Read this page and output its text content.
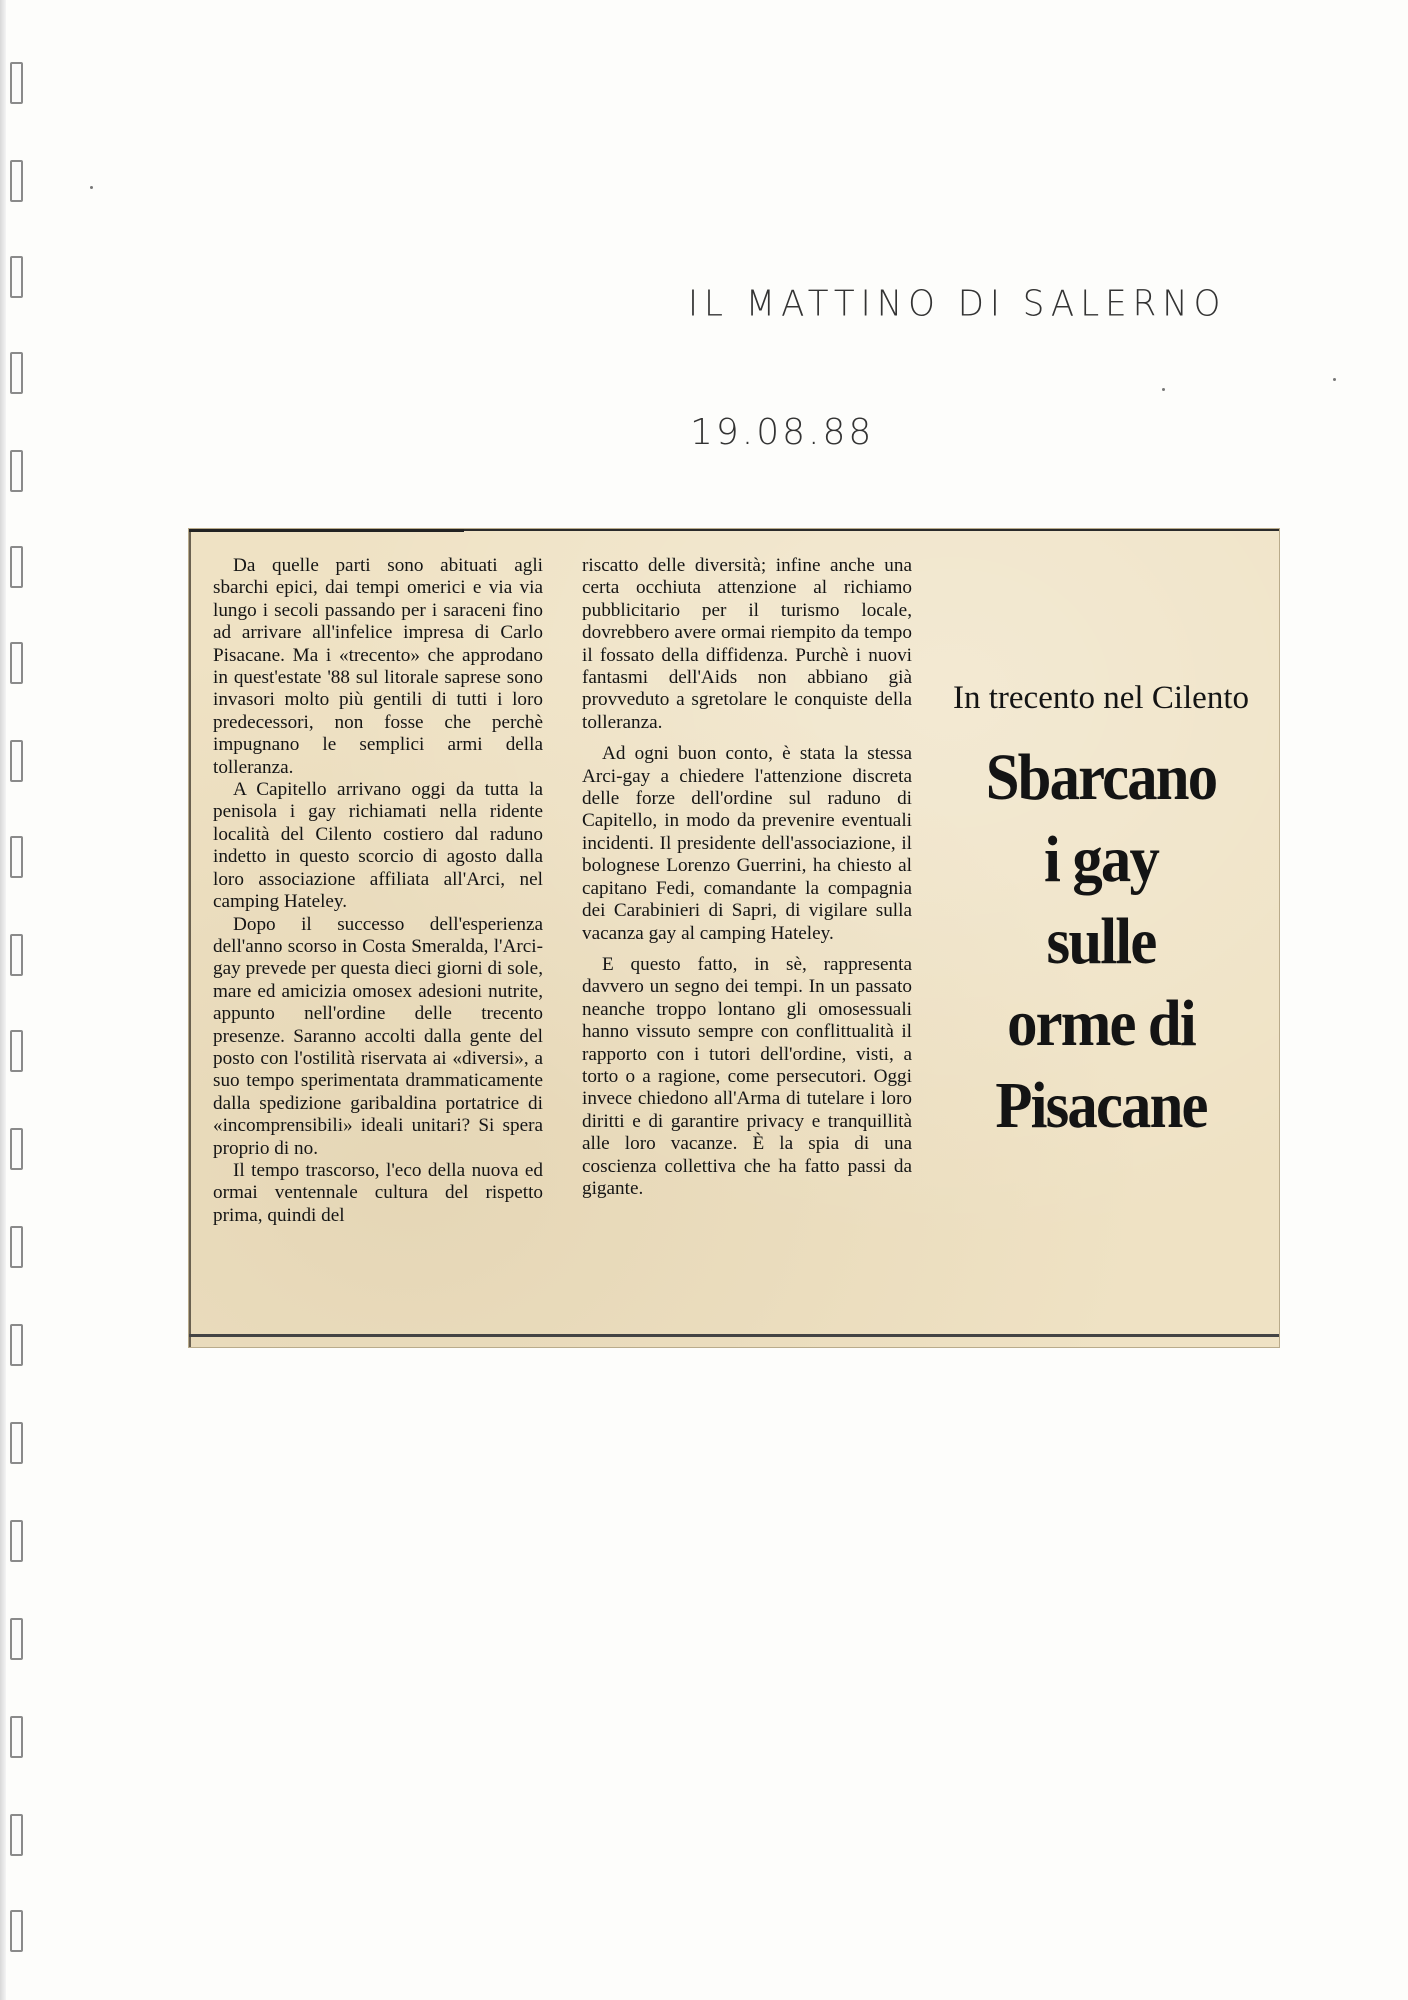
IL MATTINO DI SALERNO
19.08.88

Da quelle parti sono abituati agli sbarchi epici, dai tempi omerici e via via lungo i secoli passando per i saraceni fino ad arrivare all'infelice impresa di Carlo Pisacane. Ma i «trecento» che approdano in quest'estate '88 sul litorale saprese sono invasori molto più gentili di tutti i loro predecessori, non fosse che perchè impugnano le semplici armi della tolleranza.

A Capitello arrivano oggi da tutta la penisola i gay richiamati nella ridente località del Cilento costiero dal raduno indetto in questo scorcio di agosto dalla loro associazione affiliata all'Arci, nel camping Hateley.

Dopo il successo dell'esperienza dell'anno scorso in Costa Smeralda, l'Arci-gay prevede per questa dieci giorni di sole, mare ed amicizia omosex adesioni nutrite, appunto nell'ordine delle trecento presenze. Saranno accolti dalla gente del posto con l'ostilità riservata ai «diversi», a suo tempo sperimentata drammaticamente dalla spedizione garibaldina portatrice di «incomprensibili» ideali unitari? Si spera proprio di no.

Il tempo trascorso, l'eco della nuova ed ormai ventennale cultura del rispetto prima, quindi del

riscatto delle diversità; infine anche una certa occhiuta attenzione al richiamo pubblicitario per il turismo locale, dovrebbero avere ormai riempito da tempo il fossato della diffidenza. Purchè i nuovi fantasmi dell'Aids non abbiano già provveduto a sgretolare le conquiste della tolleranza.

Ad ogni buon conto, è stata la stessa Arci-gay a chiedere l'attenzione discreta delle forze dell'ordine sul raduno di Capitello, in modo da prevenire eventuali incidenti. Il presidente dell'associazione, il bolognese Lorenzo Guerrini, ha chiesto al capitano Fedi, comandante la compagnia dei Carabinieri di Sapri, di vigilare sulla vacanza gay al camping Hateley.

E questo fatto, in sè, rappresenta davvero un segno dei tempi. In un passato neanche troppo lontano gli omosessuali hanno vissuto sempre con conflittualità il rapporto con i tutori dell'ordine, visti, a torto o a ragione, come persecutori. Oggi invece chiedono all'Arma di tutelare i loro diritti e di garantire privacy e tranquillità alle loro vacanze. È la spia di una coscienza collettiva che ha fatto passi da gigante.

In trecento nel Cilento
Sbarcano
i gay
sulle
orme di
Pisacane
